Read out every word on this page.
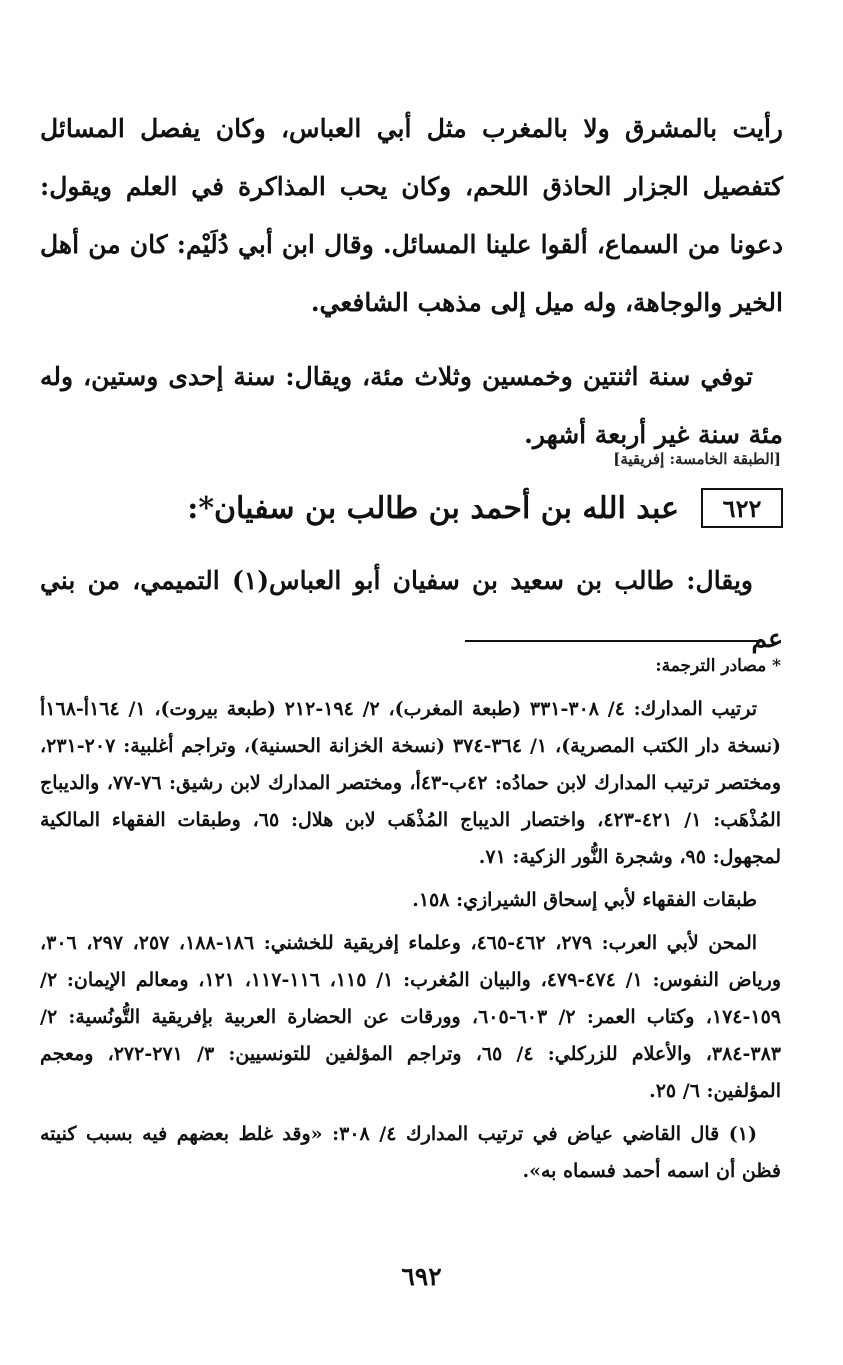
رأيت بالمشرق ولا بالمغرب مثل أبي العباس، وكان يفصل المسائل كتفصيل الجزار الحاذق اللحم، وكان يحب المذاكرة في العلم ويقول: دعونا من السماع، ألقوا علينا المسائل. وقال ابن أبي دُلَيْم: كان من أهل الخير والوجاهة، وله ميل إلى مذهب الشافعي.

توفي سنة اثنتين وخمسين وثلاث مئة، ويقال: سنة إحدى وستين، وله مئة سنة غير أربعة أشهر.

[الطبقة الخامسة: إفريقية]
٦٢٢
عبد الله بن أحمد بن طالب بن سفيان*:
ويقال: طالب بن سعيد بن سفيان أبو العباس(١) التميمي، من بني عم

* مصادر الترجمة:

ترتيب المدارك: ٤/ ٣٠٨-٣٣١ (طبعة المغرب)، ٢/ ١٩٤-٢١٢ (طبعة بيروت)، ١/ ١٦٤أ-١٦٨أ (نسخة دار الكتب المصرية)، ١/ ٣٦٤-٣٧٤ (نسخة الخزانة الحسنية)، وتراجم أغلبية: ٢٠٧-٢٣١، ومختصر ترتيب المدارك لابن حمادُه: ٤٢ب-٤٣أ، ومختصر المدارك لابن رشيق: ٧٦-٧٧، والديباج المُذْهَب: ١/ ٤٢١-٤٢٣، واختصار الديباج المُذْهَب لابن هلال: ٦٥، وطبقات الفقهاء المالكية لمجهول: ٩٥، وشجرة النُّور الزكية: ٧١.

طبقات الفقهاء لأبي إسحاق الشيرازي: ١٥٨.

المحن لأبي العرب: ٢٧٩، ٤٦٢-٤٦٥، وعلماء إفريقية للخشني: ١٨٦-١٨٨، ٢٥٧، ٢٩٧، ٣٠٦، ورياض النفوس: ١/ ٤٧٤-٤٧٩، والبيان المُغرب: ١/ ١١٥، ١١٦-١١٧، ١٢١، ومعالم الإيمان: ٢/ ١٥٩-١٧٤، وكتاب العمر: ٢/ ٦٠٣-٦٠٥، وورقات عن الحضارة العربية بإفريقية التُّونُسية: ٢/ ٣٨٣-٣٨٤، والأعلام للزركلي: ٤/ ٦٥، وتراجم المؤلفين للتونسيين: ٣/ ٢٧١-٢٧٢، ومعجم المؤلفين: ٦/ ٢٥.

(١) قال القاضي عياض في ترتيب المدارك ٤/ ٣٠٨: «وقد غلط بعضهم فيه بسبب كنيته فظن أن اسمه أحمد فسماه به».

٦٩٢
